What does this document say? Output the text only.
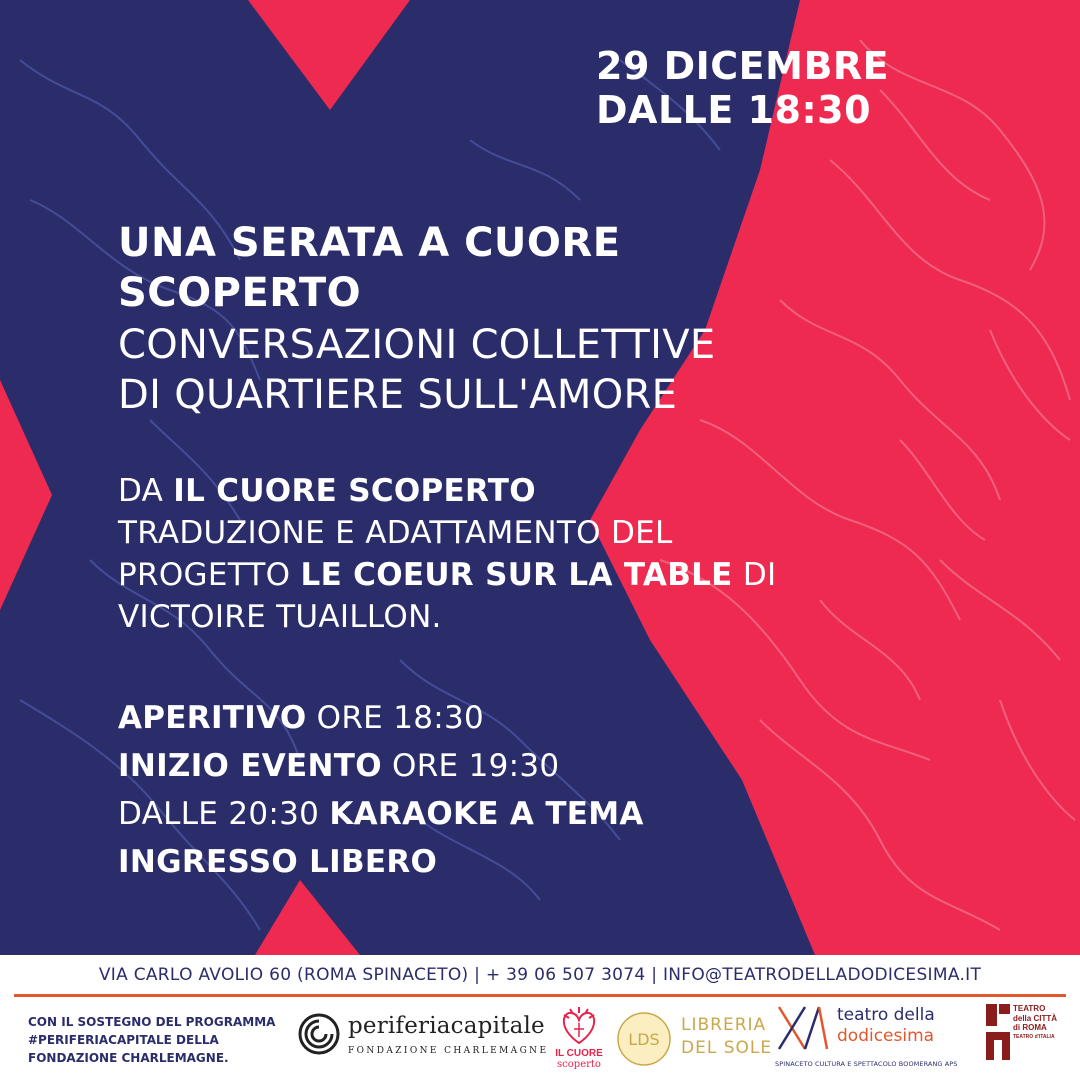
29 DICEMBRE
DALLE 18:30
UNA SERATA A CUORE
SCOPERTO
CONVERSAZIONI COLLETTIVE
DI QUARTIERE SULL'AMORE
DA IL CUORE SCOPERTO
TRADUZIONE E ADATTAMENTO DEL
PROGETTO LE COEUR SUR LA TABLE DI
VICTOIRE TUAILLON.
APERITIVO ORE 18:30
INIZIO EVENTO ORE 19:30
DALLE 20:30 KARAOKE A TEMA
INGRESSO LIBERO
VIA CARLO AVOLIO 60 (ROMA SPINACETO) | + 39 06 507 3074 | INFO@TEATRODELLADODICESIMA.IT
CON IL SOSTEGNO DEL PROGRAMMA
#PERIFERIACAPITALE DELLA
FONDAZIONE CHARLEMAGNE.
periferiacapitale
FONDAZIONE CHARLEMAGNE IL CUORE
scoperto
LDS
LIBRERIA
DEL SOLE
teatro della
dodicesima
SPINACETO CULTURA E SPETTACOLO BOOMERANG APS
TEATRO
della CITTÀ
di ROMA
TEATRO d'ITALIA
